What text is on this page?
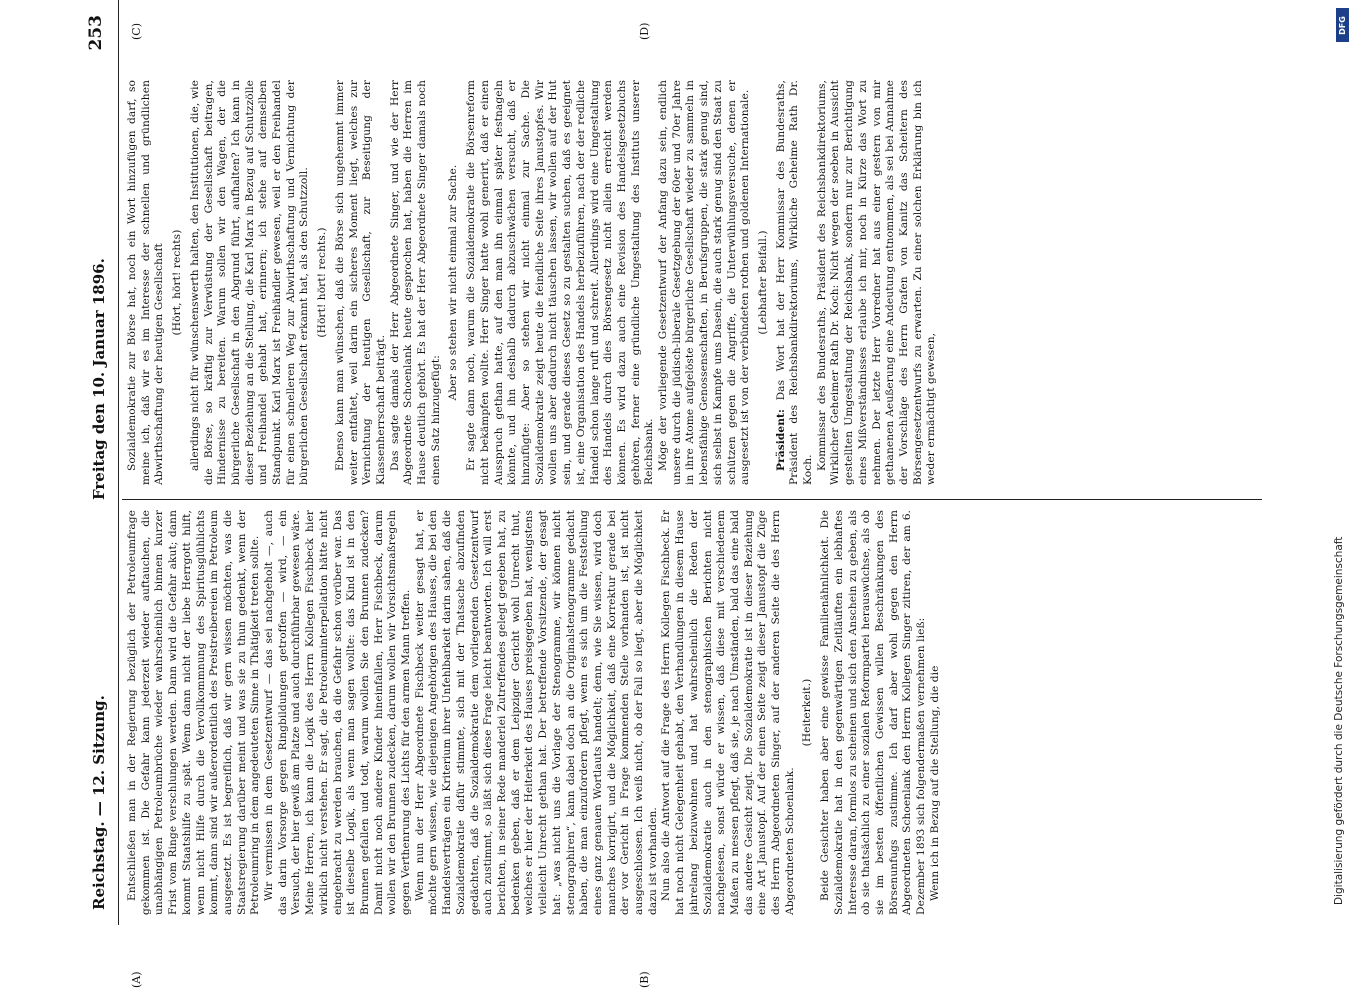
Reichstag. — 12. Sitzung.
Freitag den 10. Januar 1896.
253
(A)	(B)
(C)	(D)

Entschließen man in der Regierung bezüglich der Petroleumfrage gekommen ist. Die Gefahr kann jederzeit wieder auftauchen, die unabhängigen Petroleumbrüche wieder wahrscheinlich binnen kurzer Frist vom Ringe verschlungen werden. Dann wird die Gefahr akut; dann kommt Staatshilfe zu spät. Wenn dann nicht der liebe Herrgott hilft, wenn nicht Hilfe durch die Vervollkommnung des Spiritusglühlichts kommt, dann sind wir außerordentlich des Preistreibereien im Petroleum ausgesetzt. Es ist begreiflich, daß wir gern wissen möchten, was die Staatsregierung darüber meint und was sie zu thun gedenkt, wenn der Petroleumring in dem angedeuteten Sinne in Thätigkeit treten sollte. Wir vermissen in dem Gesetzentwurf — das sei nachgeholt —, auch das darin Vorsorge gegen Ringbildungen getroffen — wird, — ein Versuch, der hier gewiß am Platze und auch durchführbar gewesen wäre. Meine Herren, ich kann die Logik des Herrn Kollegen Fischbeck hier wirklich nicht verstehen. Er sagt, die Petroleuminterpellation hätte nicht eingebracht zu werden brauchen, da die Gefahr schon vorüber war. Das ist dieselbe Logik, als wenn man sagen wollte: das Kind ist in den Brunnen gefallen und todt, warum wollen Sie den Brunnen zudecken? Damit nicht noch andere Kinder hineinfallen, Herr Fischbeck, darum wollen wir den Brunnen zudecken, darum wollen wir Vorsichtsmaßregeln gegen Verthenrung des Lichts für den armen Mann treffen. Wenn nun der Herr Abgeordnete Fischbeck weiter gesagt hat, er möchte gern wissen, wie diejenigen Angehörigen des Hauses, die bei den Handelsverträgen ein Kriterium ihrer Unfehlbarkeit darin sahen, daß die Sozialdemokratie dafür stimmte, sich mit der Thatsache abzufinden gedächten, daß die Sozialdemokratie dem vorliegenden Gesetzentwurf auch zustimmt, so läßt sich diese Frage leicht beantworten. Ich will erst berichten, in seiner Rede manderlei Zutreffendes gelegt gegeben hat, zu bedenken geben, daß er dem Leipziger Gericht wohl Unrecht thut, welches er hier der Heiterkeit des Hauses preisgegeben hat, wenigstens vielleicht Unrecht gethan hat. Der betreffende Vorsitzende, der gesagt hat: „was nicht uns die Vorlage der Stenogramme, wir können nicht stenographiren“, kann dabei doch an die Originalstenogramme gedacht haben, die man einzufordern pflegt, wenn es sich um die Feststellung eines ganz genauen Wortlauts handelt; denn, wie Sie wissen, wird doch manches korrigirt, und die Möglichkeit, daß eine Korrektur gerade bei der vor Gericht in Frage kommenden Stelle vorhanden ist, ist nicht ausgeschlossen. Ich weiß nicht, ob der Fall so liegt, aber die Möglichkeit dazu ist vorhanden. Nun also die Antwort auf die Frage des Herrn Kollegen Fischbeck. Er hat noch nicht Gelegenheit gehabt, den Verhandlungen in diesem Hause jahrelang beizuwohnen und hat wahrscheinlich die Reden der Sozialdemokratie auch in den stenographischen Berichten nicht nachgelesen, sonst würde er wissen, daß diese mit verschiedenem Maßen zu messen pflegt, daß sie, je nach Umständen, bald das eine bald das andere Gesicht zeigt. Die Sozialdemokratie ist in dieser Beziehung eine Art Janustopf. Auf der einen Seite zeigt dieser Janustopf die Züge des Herrn Abgeordneten Singer, auf der anderen Seite die des Herrn Abgeordneten Schoenlank.

(Heiterkeit.) Beide Gesichter haben aber eine gewisse Familienähnlichkeit. Die Sozialdemokratie hat in den gegenwärtigen Zeitläuften ein lebhaftes Interesse daran, formlos zu scheinen und sich den Anschein zu geben, als ob sie thatsächlich zu einer sozialen Reformpartei herauswüchse, als ob sie im besten öffentlichen Gewissen willen Beschränkungen des Börsenunfugs zustimme. Ich darf aber wohl gegen den Herrn Abgeordneten Schoenlank den Herrn Kollegen Singer zitiren, der am 6. Dezember 1893 sich folgendermaßen vernehmen ließ: Wenn ich in Bezug auf die Stellung, die die

Sozialdemokratie zur Börse hat, noch ein Wort hinzufügen darf, so meine ich, daß wir es im Interesse der schnellen und gründlichen Abwirthschaftung der heutigen Gesellschaft (Hört, hört! rechts) allerdings nicht für wünschenswerth halten, den Institutionen, die, wie die Börse, so kräftig zur Verwüstung der Gesellschaft beitragen, Hindernisse zu bereiten. Warum sollen wir den Wagen, der die bürgerliche Gesellschaft in den Abgrund führt, aufhalten? Ich kann in dieser Beziehung an die Stellung, die Karl Marx in Bezug auf Schutzzölle und Freihandel gehabt hat, erinnern; ich stehe auf demselben Standpunkt. Karl Marx ist Freihändler gewesen, weil er den Freihandel für einen schnelleren Weg zur Abwirthschaftung und Vernichtung der bürgerlichen Gesellschaft erkannt hat, als den Schutzzoll. (Hört! hört! rechts.) Ebenso kann man wünschen, daß die Börse sich ungehemmt immer weiter entfaltet, weil darin ein sicheres Moment liegt, welches zur Vernichtung der heutigen Gesellschaft, zur Beseitigung der Klassenherrschaft beiträgt. Das sagte damals der Herr Abgeordnete Singer, und wie der Herr Abgeordnete Schoenlank heute gesprochen hat, haben die Herren im Hause deutlich gehört. Es hat der Herr Abgeordnete Singer damals noch einen Satz hinzugefügt:

Aber so stehen wir nicht einmal zur Sache. Er sagte dann noch, warum die Sozialdemokratie die Börsenreform nicht bekämpfen wollte. Herr Singer hatte wohl generirt, daß er einen Ausspruch gethan hatte, auf den man ihn einmal später festnageln könnte, und ihn deshalb dadurch abzuschwächen versucht, daß er hinzufügte: Aber so stehen wir nicht einmal zur Sache. Die Sozialdemokratie zeigt heute die feindliche Seite ihres Janustopfes. Wir wollen uns aber dadurch nicht täuschen lassen, wir wollen auf der Hut sein, und gerade dieses Gesetz so zu gestalten suchen, daß es geeignet ist, eine Organisation des Handels herbeizuführen, nach der der redliche Handel schon lange ruft und schreit. Allerdings wird eine Umgestaltung des Handels durch dies Börsengesetz nicht allein erreicht werden können. Es wird dazu auch eine Revision des Handelsgesetzbuchs gehören, ferner eine gründliche Umgestaltung des Instituts unserer Reichsbank. Möge der vorliegende Gesetzentwurf der Anfang dazu sein, endlich unsere durch die jüdisch-liberale Gesetzgebung der 60er und 70er Jahre in ihre Atome aufgelöste bürgerliche Gesellschaft wieder zu sammeln in lebensfähige Genossenschaften, in Berufsgruppen, die stark genug sind, sich selbst in Kampfe ums Dasein, die auch stark genug sind den Staat zu schützen gegen die Angriffe, die Unterwühlungsversuche, denen er ausgesetzt ist von der verbündeten rothen und goldenen Internationale. (Lebhafter Beifall.)

Präsident: Das Wort hat der Herr Kommissar des Bundesraths, Präsident des Reichsbankdirektoriums, Wirkliche Geheime Rath Dr. Koch. Kommissar des Bundesraths, Präsident des Reichsbankdirektoriums, Wirklicher Geheimer Rath Dr. Koch: Nicht wegen der soeben in Aussicht gestellten Umgestaltung der Reichsbank, sondern nur zur Berichtigung eines Mißverständnisses erlaube ich mir, noch in Kürze das Wort zu nehmen. Der letzte Herr Vorredner hat aus einer gestern von mir gethanenen Aeußerung eine Andeutung entnommen, als sei bei Annahme der Vorschläge des Herrn Grafen von Kanitz das Scheitern des Börsengesetzentwurfs zu erwarten. Zu einer solchen Erklärung bin ich weder ermächtigt gewesen,

Digitalisierung gefördert durch die Deutsche Forschungsgemeinschaft
DFG
